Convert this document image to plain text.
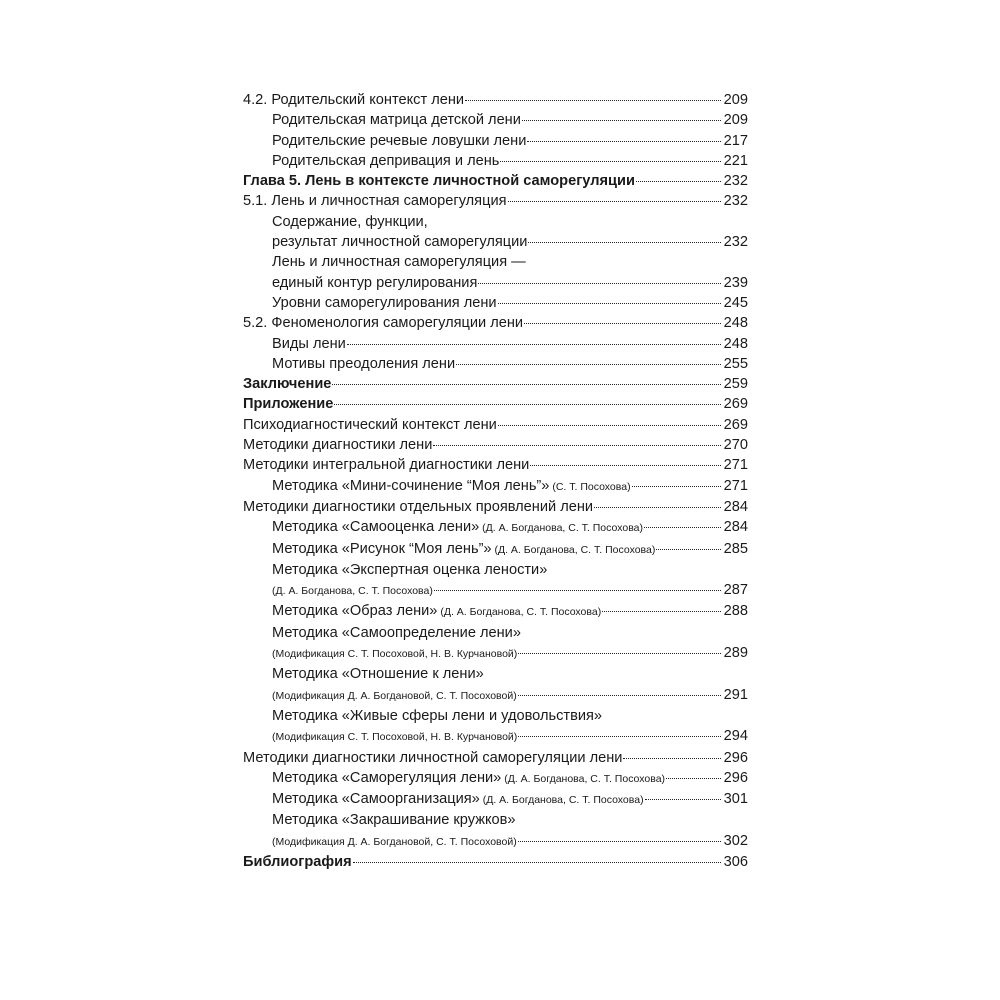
4.2. Родительский контекст лени	209
Родительская матрица детской лени	209
Родительские речевые ловушки лени	217
Родительская депривация и лень	221
Глава 5. Лень в контексте личностной саморегуляции	232
5.1. Лень и личностная саморегуляция	232
Содержание, функции,
результат личностной саморегуляции	232
Лень и личностная саморегуляция —
единый контур регулирования	239
Уровни саморегулирования лени	245
5.2. Феноменология саморегуляции лени	248
Виды лени	248
Мотивы преодоления лени	255
Заключение	259
Приложение	269
Психодиагностический контекст лени	269
Методики диагностики лени	270
Методики интегральной диагностики лени	271
Методика «Мини-сочинение “Моя лень”» (С. Т. Посохова)	271
Методики диагностики отдельных проявлений лени	284
Методика «Самооценка лени» (Д. А. Богданова, С. Т. Посохова)	284
Методика «Рисунок “Моя лень”» (Д. А. Богданова, С. Т. Посохова)	285
Методика «Экспертная оценка лености»
(Д. А. Богданова, С. Т. Посохова)	287
Методика «Образ лени» (Д. А. Богданова, С. Т. Посохова)	288
Методика «Самоопределение лени»
(Модификация С. Т. Посоховой, Н. В. Курчановой)	289
Методика «Отношение к лени»
(Модификация Д. А. Богдановой, С. Т. Посоховой)	291
Методика «Живые сферы лени и удовольствия»
(Модификация С. Т. Посоховой, Н. В. Курчановой)	294
Методики диагностики личностной саморегуляции лени	296
Методика «Саморегуляция лени» (Д. А. Богданова, С. Т. Посохова)	296
Методика «Самоорганизация» (Д. А. Богданова, С. Т. Посохова)	301
Методика «Закрашивание кружков»
(Модификация Д. А. Богдановой, С. Т. Посоховой)	302
Библиография	306
